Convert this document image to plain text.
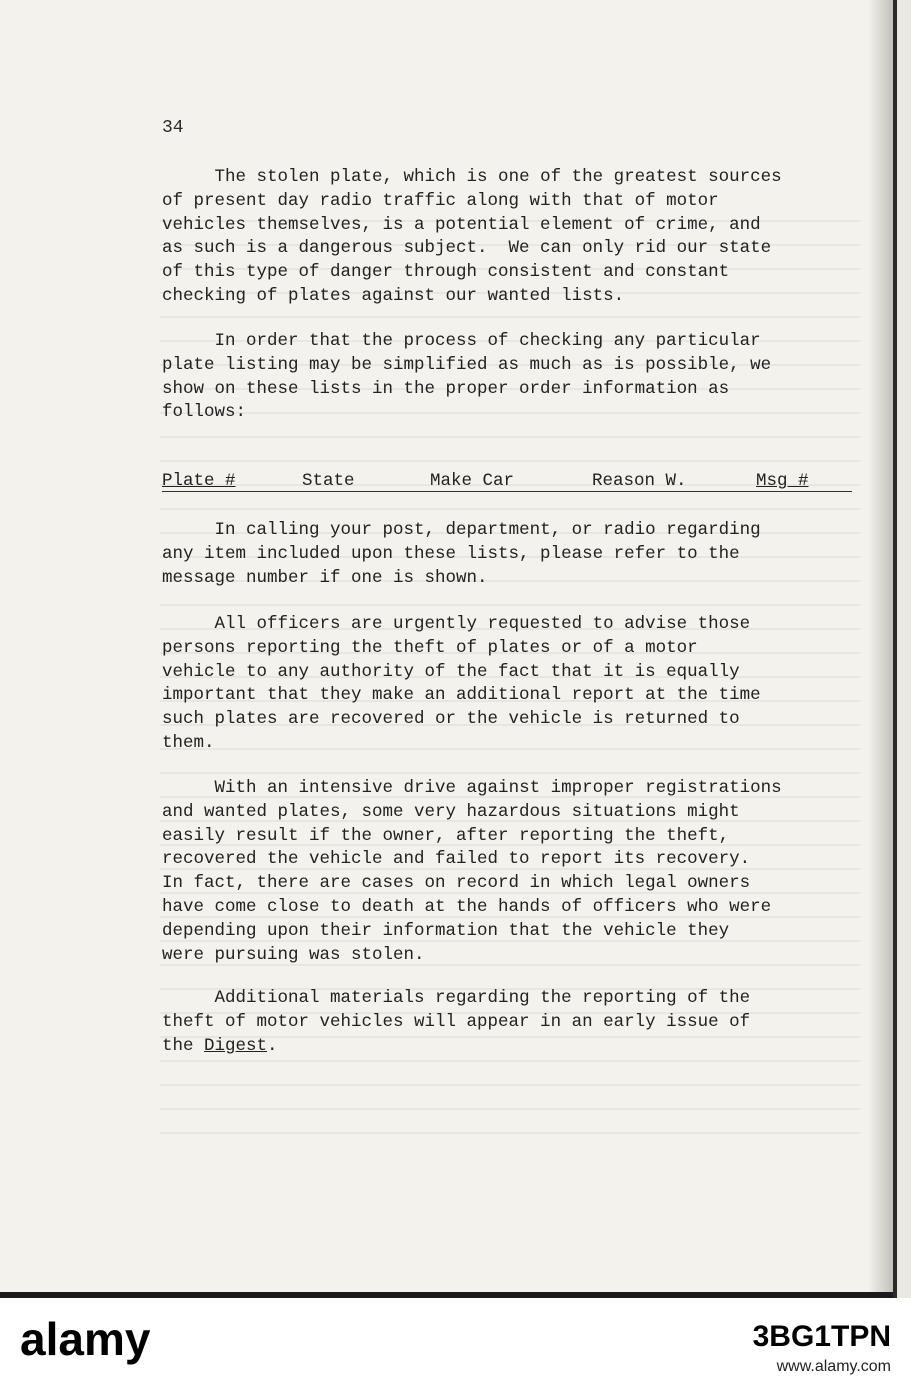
34

The stolen plate, which is one of the greatest sources
of present day radio traffic along with that of motor
vehicles themselves, is a potential element of crime, and
as such is a dangerous subject.  We can only rid our state
of this type of danger through consistent and constant
checking of plates against our wanted lists.

In order that the process of checking any particular
plate listing may be simplified as much as is possible, we
show on these lists in the proper order information as
follows:

Plate #	State	Make Car	Reason W.	Msg #

In calling your post, department, or radio regarding
any item included upon these lists, please refer to the
message number if one is shown.

All officers are urgently requested to advise those
persons reporting the theft of plates or of a motor
vehicle to any authority of the fact that it is equally
important that they make an additional report at the time
such plates are recovered or the vehicle is returned to
them.

With an intensive drive against improper registrations
and wanted plates, some very hazardous situations might
easily result if the owner, after reporting the theft,
recovered the vehicle and failed to report its recovery.
In fact, there are cases on record in which legal owners
have come close to death at the hands of officers who were
depending upon their information that the vehicle they
were pursuing was stolen.

Additional materials regarding the reporting of the
theft of motor vehicles will appear in an early issue of
the Digest.

alamy	3BG1TPN
www.alamy.com
